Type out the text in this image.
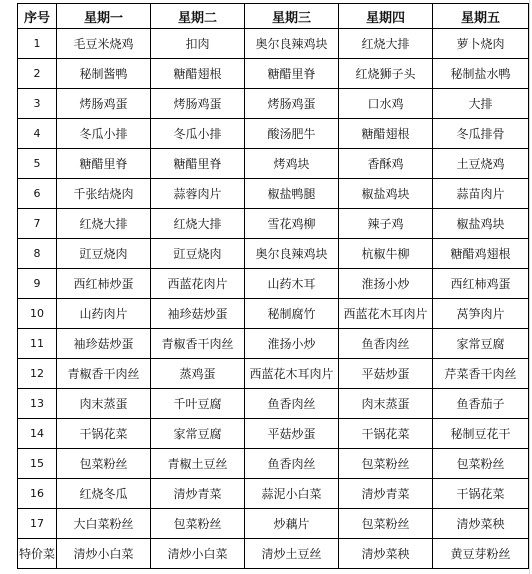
序号	星期一	星期二	星期三	星期四	星期五
1	毛豆米烧鸡	扣肉	奥尔良辣鸡块	红烧大排	萝卜烧肉
2	秘制酱鸭	糖醋翅根	糖醋里脊	红烧狮子头	秘制盐水鸭
3	烤肠鸡蛋	烤肠鸡蛋	烤肠鸡蛋	口水鸡	大排
4	冬瓜小排	冬瓜小排	酸汤肥牛	糖醋翅根	冬瓜排骨
5	糖醋里脊	糖醋里脊	烤鸡块	香酥鸡	土豆烧鸡
6	千张结烧肉	蒜蓉肉片	椒盐鸭腿	椒盐鸡块	蒜苗肉片
7	红烧大排	红烧大排	雪花鸡柳	辣子鸡	椒盐鸡块
8	豇豆烧肉	豇豆烧肉	奥尔良辣鸡块	杭椒牛柳	糖醋鸡翅根
9	西红柿炒蛋	西蓝花肉片	山药木耳	淮扬小炒	西红柿鸡蛋
10	山药肉片	袖珍菇炒蛋	秘制腐竹	西蓝花木耳肉片	莴笋肉片
11	袖珍菇炒蛋	青椒香干肉丝	淮扬小炒	鱼香肉丝	家常豆腐
12	青椒香干肉丝	蒸鸡蛋	西蓝花木耳肉片	平菇炒蛋	芹菜香干肉丝
13	肉末蒸蛋	千叶豆腐	鱼香肉丝	肉末蒸蛋	鱼香茄子
14	干锅花菜	家常豆腐	平菇炒蛋	干锅花菜	秘制豆花干
15	包菜粉丝	青椒土豆丝	鱼香肉丝	包菜粉丝	包菜粉丝
16	红烧冬瓜	清炒青菜	蒜泥小白菜	清炒青菜	干锅花菜
17	大白菜粉丝	包菜粉丝	炒藕片	包菜粉丝	清炒菜秧
特价菜	清炒小白菜	清炒小白菜	清炒土豆丝	清炒菜秧	黄豆芽粉丝
